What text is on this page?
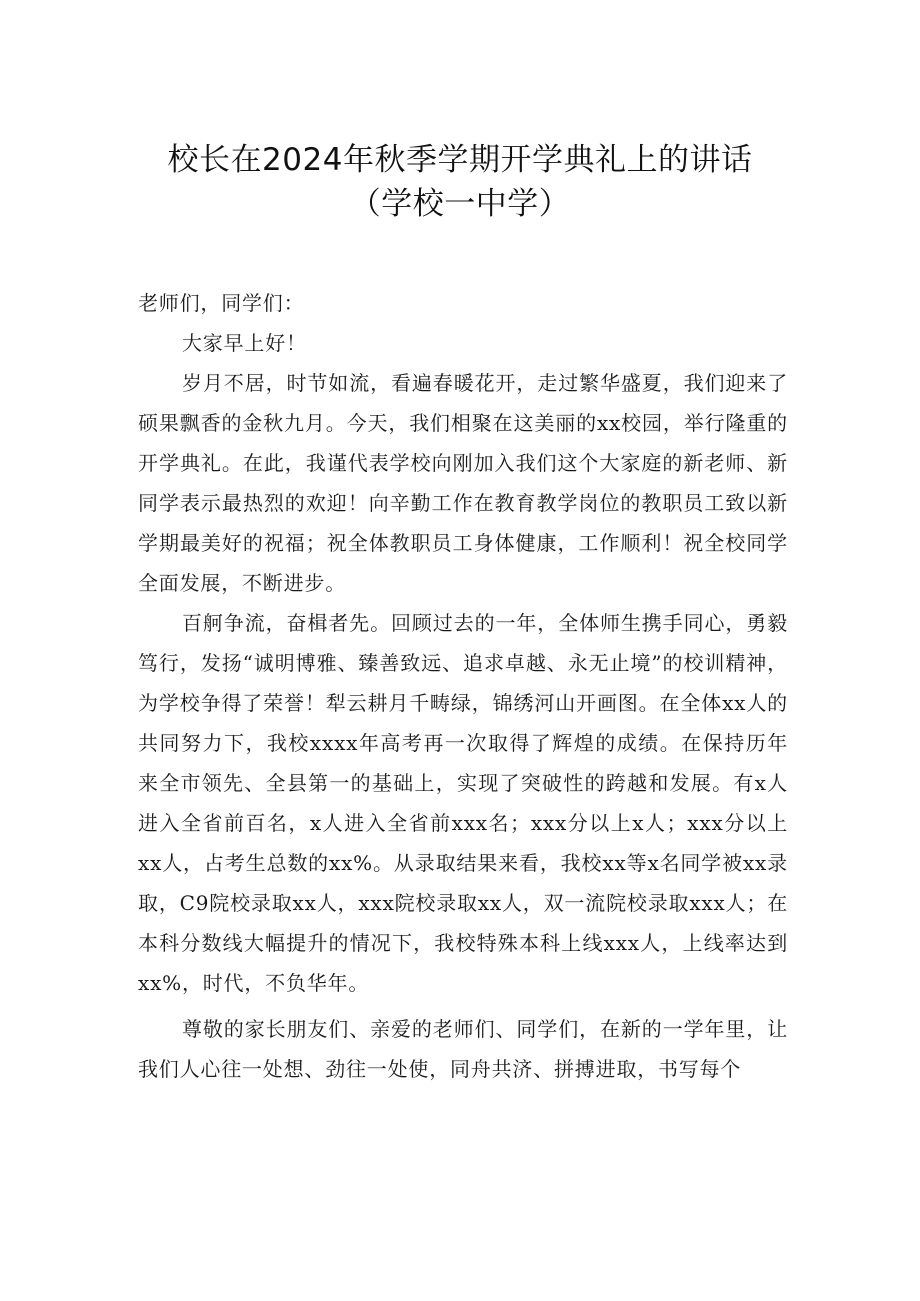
校长在2024年秋季学期开学典礼上的讲话
（学校一中学）

老师们，同学们：

大家早上好！

岁月不居，时节如流，看遍春暖花开，走过繁华盛夏，我们迎来了硕果飘香的金秋九月。今天，我们相聚在这美丽的xx校园，举行隆重的开学典礼。在此，我谨代表学校向刚加入我们这个大家庭的新老师、新同学表示最热烈的欢迎！向辛勤工作在教育教学岗位的教职员工致以新学期最美好的祝福；祝全体教职员工身体健康，工作顺利！祝全校同学全面发展，不断进步。

百舸争流，奋楫者先。回顾过去的一年，全体师生携手同心，勇毅笃行，发扬“诚明博雅、臻善致远、追求卓越、永无止境”的校训精神，为学校争得了荣誉！犁云耕月千畴绿，锦绣河山开画图。在全体xx人的共同努力下，我校xxxx年高考再一次取得了辉煌的成绩。在保持历年来全市领先、全县第一的基础上，实现了突破性的跨越和发展。有x人进入全省前百名，x人进入全省前xxx名；xxx分以上x人；xxx分以上xx人，占考生总数的xx%。从录取结果来看，我校xx等x名同学被xx录取，C9院校录取xx人，xxx院校录取xx人，双一流院校录取xxx人；在本科分数线大幅提升的情况下，我校特殊本科上线xxx人，上线率达到xx%，时代，不负华年。

尊敬的家长朋友们、亲爱的老师们、同学们，在新的一学年里，让我们人心往一处想、劲往一处使，同舟共济、拼搏进取，书写每个
